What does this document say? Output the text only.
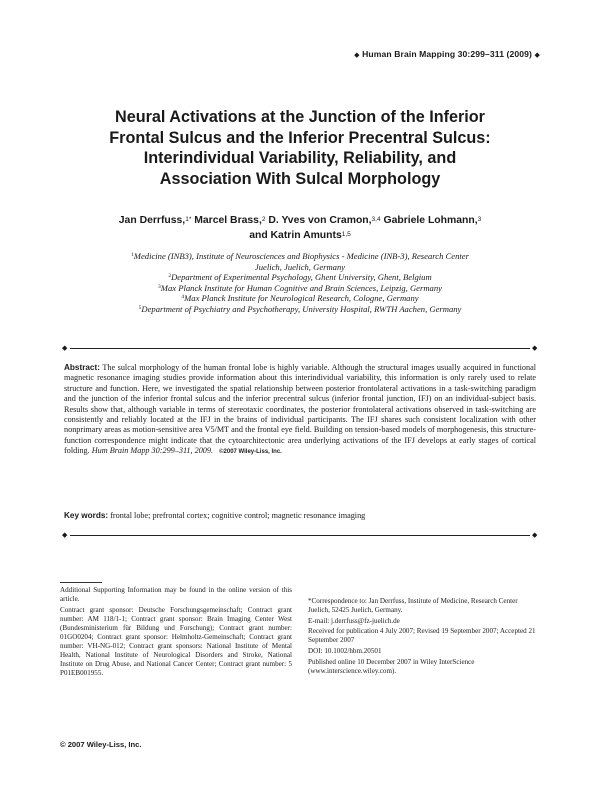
◆ Human Brain Mapping 30:299–311 (2009) ◆
Neural Activations at the Junction of the Inferior
Frontal Sulcus and the Inferior Precentral Sulcus:
Interindividual Variability, Reliability, and
Association With Sulcal Morphology
Jan Derrfuss,$^{1*}$ Marcel Brass,$^2$ D. Yves von Cramon,$^{3,4}$ Gabriele Lohmann,$^3$
and Katrin Amunts$^{1,5}$
$^1$Medicine (INB3), Institute of Neurosciences and Biophysics - Medicine (INB-3), Research Center
Juelich, Juelich, Germany
$^2$Department of Experimental Psychology, Ghent University, Ghent, Belgium
$^3$Max Planck Institute for Human Cognitive and Brain Sciences, Leipzig, Germany
$^4$Max Planck Institute for Neurological Research, Cologne, Germany
$^5$Department of Psychiatry and Psychotherapy, University Hospital, RWTH Aachen, Germany
◆	◆
Abstract: The sulcal morphology of the human frontal lobe is highly variable. Although the structural images usually acquired in functional magnetic resonance imaging studies provide information about this interindividual variability, this information is only rarely used to relate structure and function. Here, we investigated the spatial relationship between posterior frontolateral activations in a task-switching paradigm and the junction of the inferior frontal sulcus and the inferior precentral sulcus (inferior frontal junction, IFJ) on an individual-subject basis. Results show that, although variable in terms of stereotaxic coordinates, the posterior frontolateral activations observed in task-switching are consistently and reliably located at the IFJ in the brains of individual participants. The IFJ shares such consistent localization with other nonprimary areas as motion-sensitive area V5/MT and the frontal eye field. Building on tension-based models of morphogenesis, this structure-function correspondence might indicate that the cytoarchitectonic area underlying activations of the IFJ develops at early stages of cortical folding. Hum Brain Mapp 30:299–311, 2009. ©2007 Wiley-Liss, Inc.
Key words: frontal lobe; prefrontal cortex; cognitive control; magnetic resonance imaging
◆	◆

Additional Supporting Information may be found in the online version of this article.

Contract grant sponsor: Deutsche Forschungsgemeinschaft; Contract grant number: AM 118/1-1; Contract grant sponsor: Brain Imaging Center West (Bundesministerium für Bildung und Forschung); Contract grant number: 01GO0204; Contract grant sponsor: Helmholtz-Gemeinschaft; Contract grant number: VH-NG-012; Contract grant sponsors: National Institute of Mental Health, National Institute of Neurological Disorders and Stroke, National Institute on Drug Abuse, and National Cancer Center; Contract grant number: 5 P01EB001955.

*Correspondence to: Jan Derrfuss, Institute of Medicine, Research Center Juelich, 52425 Juelich, Germany.

E-mail: j.derrfuss@fz-juelich.de

Received for publication 4 July 2007; Revised 19 September 2007; Accepted 21 September 2007

DOI: 10.1002/hbm.20501

Published online 10 December 2007 in Wiley InterScience (www.interscience.wiley.com).

© 2007 Wiley-Liss, Inc.
